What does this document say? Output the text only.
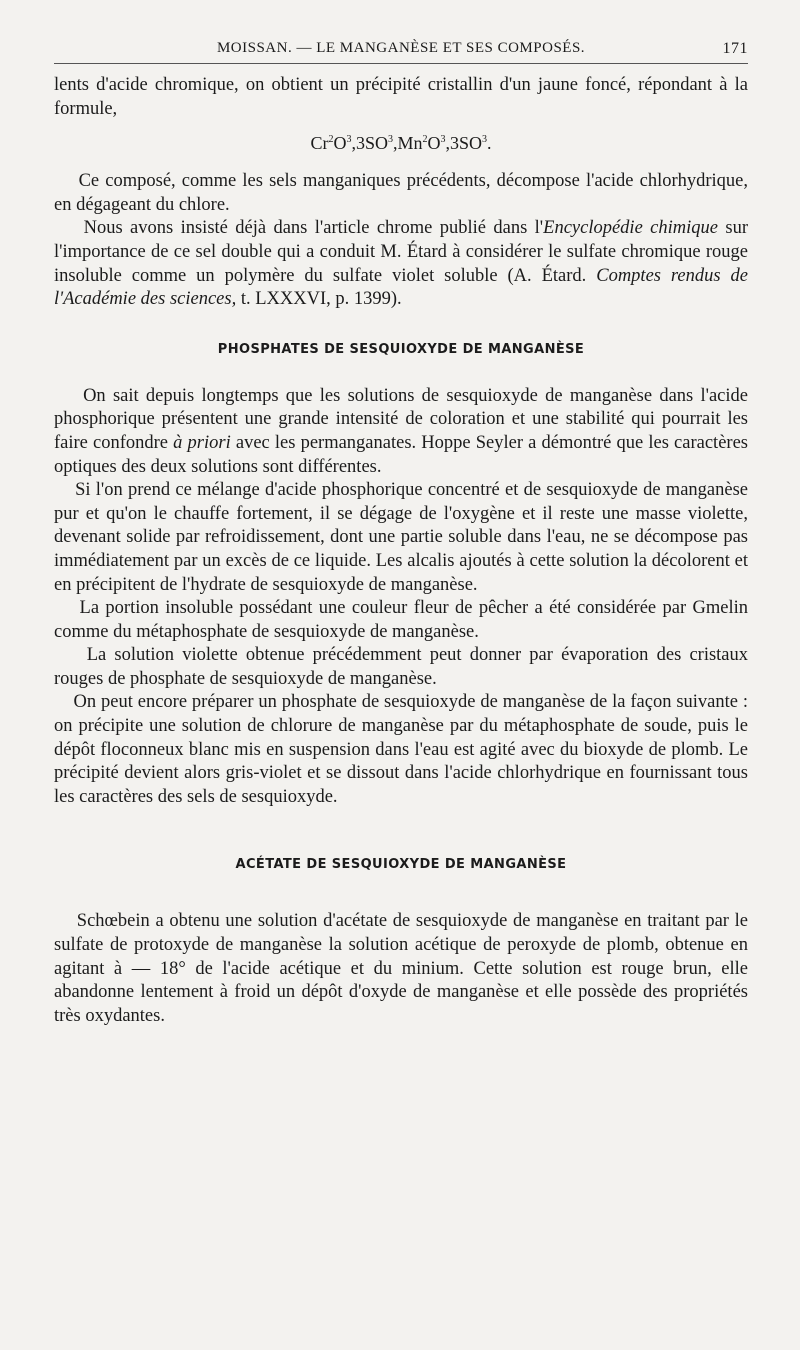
MOISSAN. — LE MANGANÈSE ET SES COMPOSÉS.	171

lents d'acide chromique, on obtient un précipité cristallin d'un jaune foncé, répondant à la formule,

$Cr^2O^3,3SO^3,Mn^2O^3,3SO^3$.

Ce composé, comme les sels manganiques précédents, décompose l'acide chlorhydrique, en dégageant du chlore.

Nous avons insisté déjà dans l'article chrome publié dans l'Encyclopédie chimique sur l'importance de ce sel double qui a conduit M. Étard à considérer le sulfate chromique rouge insoluble comme un polymère du sulfate violet soluble (A. Étard. Comptes rendus de l'Académie des sciences, t. LXXXVI, p. 1399).

PHOSPHATES DE SESQUIOXYDE DE MANGANÈSE

On sait depuis longtemps que les solutions de sesquioxyde de manganèse dans l'acide phosphorique présentent une grande intensité de coloration et une stabilité qui pourrait les faire confondre à priori avec les permanganates. Hoppe Seyler a démontré que les caractères optiques des deux solutions sont différentes.

Si l'on prend ce mélange d'acide phosphorique concentré et de sesquioxyde de manganèse pur et qu'on le chauffe fortement, il se dégage de l'oxygène et il reste une masse violette, devenant solide par refroidissement, dont une partie soluble dans l'eau, ne se décompose pas immédiatement par un excès de ce liquide. Les alcalis ajoutés à cette solution la décolorent et en précipitent de l'hydrate de sesquioxyde de manganèse.

La portion insoluble possédant une couleur fleur de pêcher a été considérée par Gmelin comme du métaphosphate de sesquioxyde de manganèse.

La solution violette obtenue précédemment peut donner par évaporation des cristaux rouges de phosphate de sesquioxyde de manganèse.

On peut encore préparer un phosphate de sesquioxyde de manganèse de la façon suivante : on précipite une solution de chlorure de manganèse par du métaphosphate de soude, puis le dépôt floconneux blanc mis en suspension dans l'eau est agité avec du bioxyde de plomb. Le précipité devient alors gris-violet et se dissout dans l'acide chlorhydrique en fournissant tous les caractères des sels de sesquioxyde.

ACÉTATE DE SESQUIOXYDE DE MANGANÈSE

Schœbein a obtenu une solution d'acétate de sesquioxyde de manganèse en traitant par le sulfate de protoxyde de manganèse la solution acétique de peroxyde de plomb, obtenue en agitant à — 18° de l'acide acétique et du minium. Cette solution est rouge brun, elle abandonne lentement à froid un dépôt d'oxyde de manganèse et elle possède des propriétés très oxydantes.
